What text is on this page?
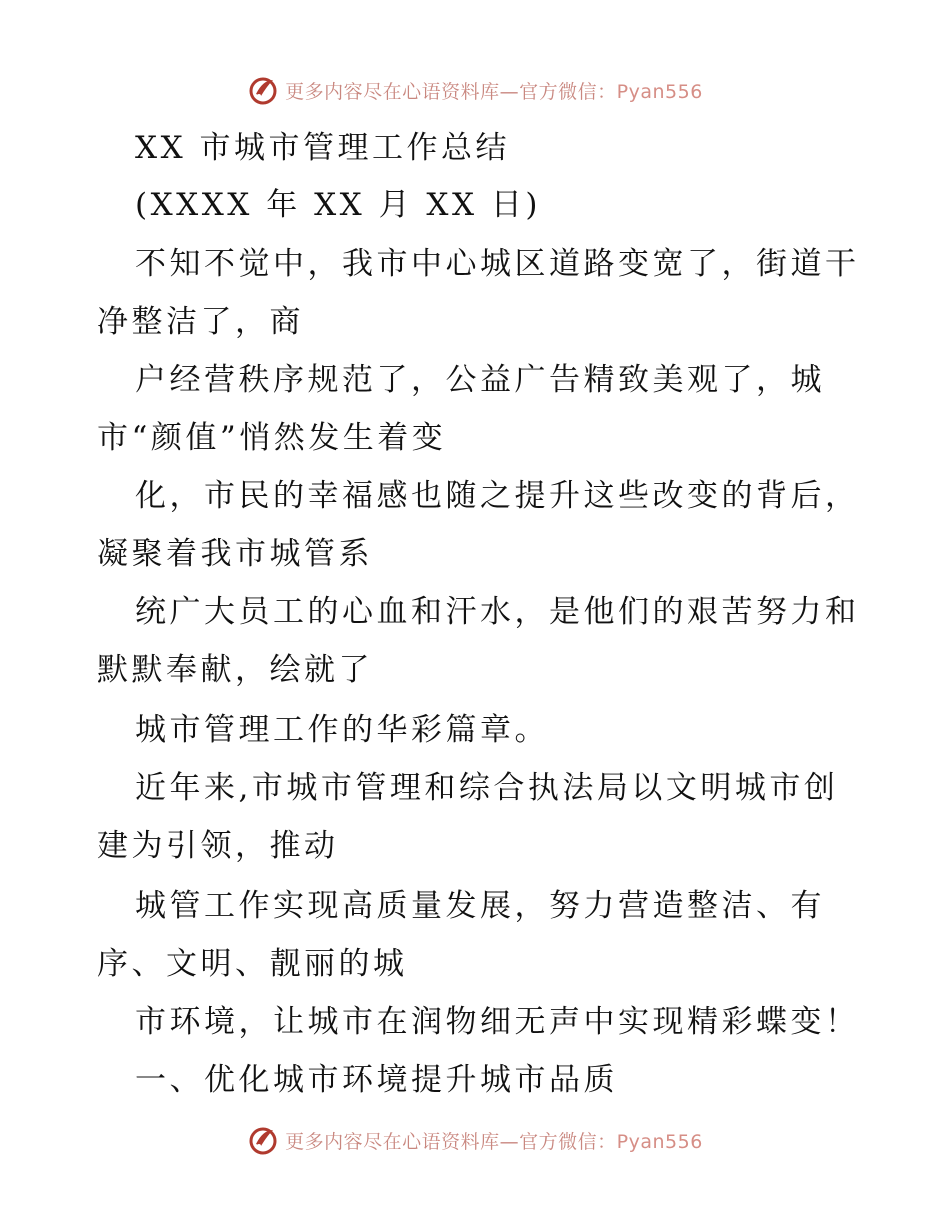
更多内容尽在心语资料库—官方微信：Pyan556
XX 市城市管理工作总结
(XXXX 年 XX 月 XX 日)
不知不觉中，我市中心城区道路变宽了，街道干
净整洁了，商
户经营秩序规范了，公益广告精致美观了，城
市“颜值”悄然发生着变
化，市民的幸福感也随之提升这些改变的背后，
凝聚着我市城管系
统广大员工的心血和汗水，是他们的艰苦努力和
默默奉献，绘就了
城市管理工作的华彩篇章。
近年来,市城市管理和综合执法局以文明城市创
建为引领，推动
城管工作实现高质量发展，努力营造整洁、有
序、文明、靓丽的城
市环境，让城市在润物细无声中实现精彩蝶变！
一、优化城市环境提升城市品质
更多内容尽在心语资料库—官方微信：Pyan556
